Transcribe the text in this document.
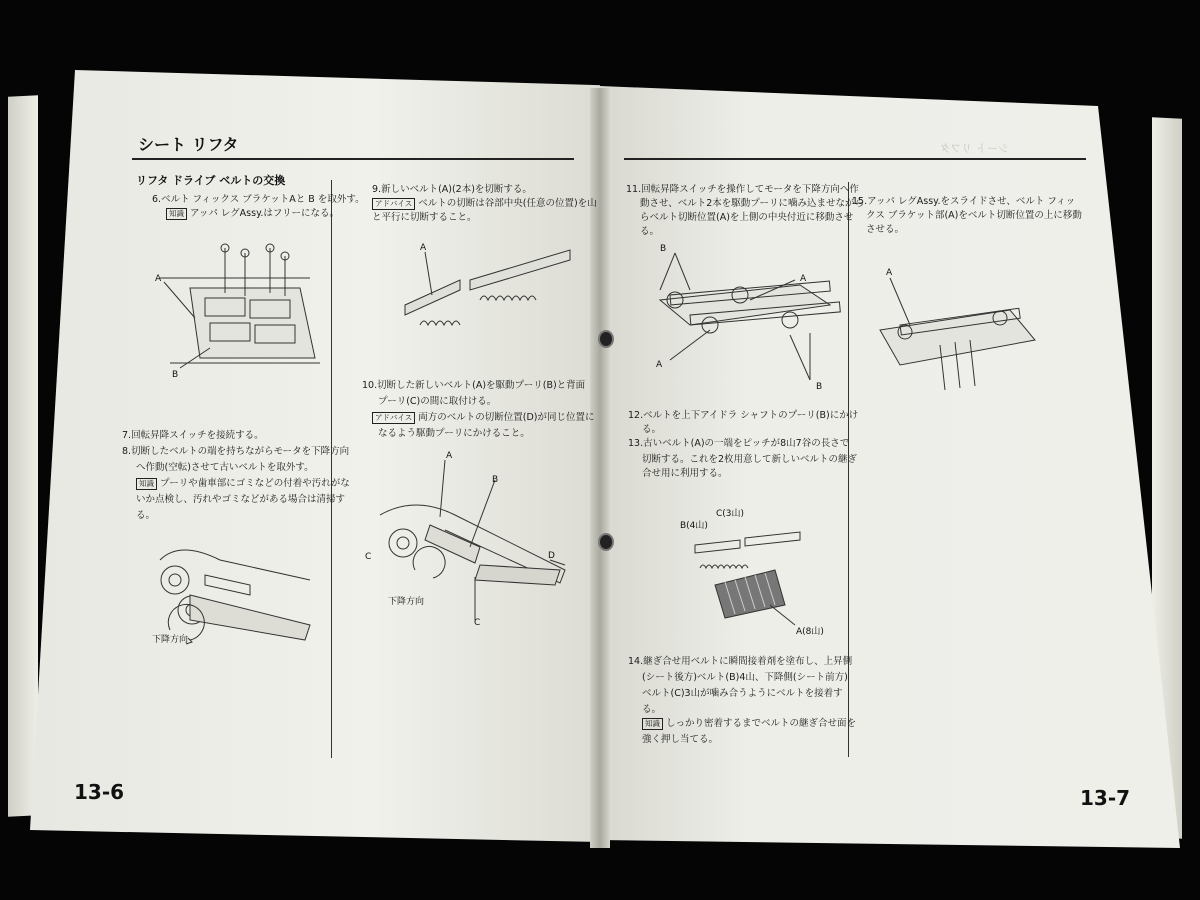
シート リフタ
リフタ ドライブ ベルトの交換
6.ベルト フィックス ブラケットAと B を取外す。
知識 アッパ レグAssy.はフリーになる。
A
B
7.回転昇降スイッチを接続する。
8.切断したベルトの端を持ちながらモータを下降方向
へ作動(空転)させて古いベルトを取外す。
知識 プーリや歯車部にゴミなどの付着や汚れがな
いか点検し、汚れやゴミなどがある場合は清掃す
る。
下降方向
9.新しいベルト(A)(2本)を切断する。
アドバイス ベルトの切断は谷部中央(任意の位置)を山
と平行に切断すること。
A
10.切断した新しいベルト(A)を駆動プーリ(B)と背面
プーリ(C)の間に取付ける。
アドバイス 両方のベルトの切断位置(D)が同じ位置に
なるよう駆動プーリにかけること。
A
B
C	D
C
下降方向
13-6
シート リフタ
11.回転昇降スイッチを操作してモータを下降方向へ作
動させ、ベルト2本を駆動プーリに噛み込ませながら
らベルト切断位置(A)を上側の中央付近に移動させ
る。
B
A
A
B
12.ベルトを上下アイドラ シャフトのプーリ(B)にかけ
る。
13.古いベルト(A)の一端をピッチが8山7谷の長さで
切断する。これを2枚用意して新しいベルトの継ぎ
合せ用に利用する。
C(3山)
B(4山)
A(8山)
14.継ぎ合せ用ベルトに瞬間接着剤を塗布し、上昇側
(シート後方)ベルト(B)4山、下降側(シート前方)
ベルト(C)3山が噛み合うようにベルトを接着す
る。
知識 しっかり密着するまでベルトの継ぎ合せ面を
強く押し当てる。
15.アッパ レグAssy.をスライドさせ、ベルト フィッ
クス ブラケット部(A)をベルト切断位置の上に移動
させる。
A
13-7
